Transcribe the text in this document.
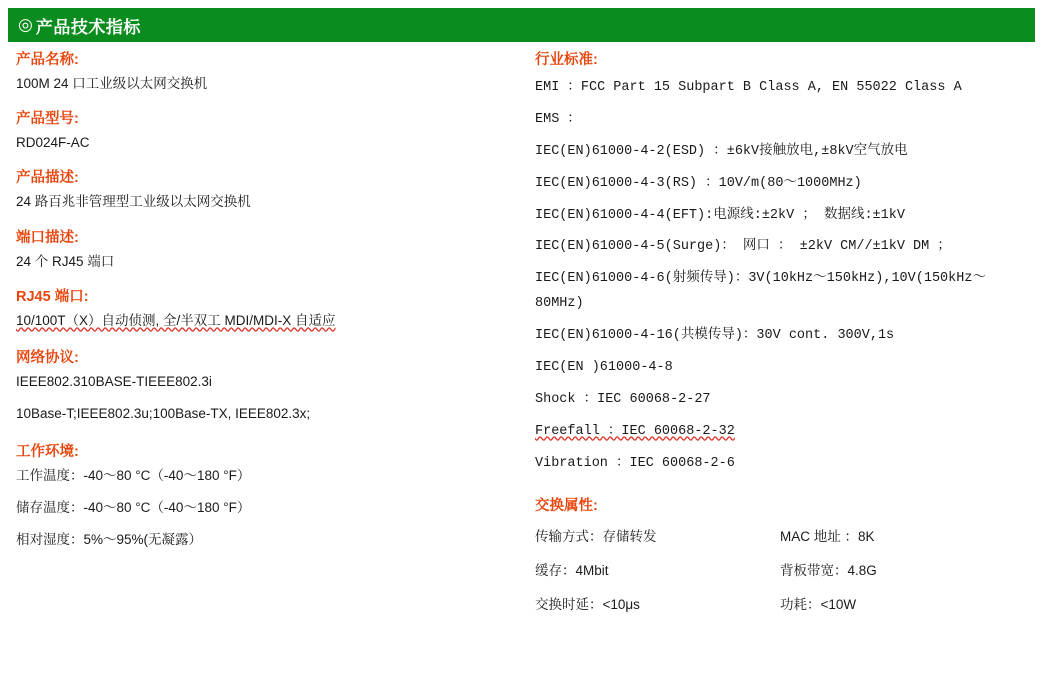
◎ 产品技术指标
产品名称:
100M 24 口工业级以太网交换机
产品型号:
RD024F-AC
产品描述:
24 路百兆非管理型工业级以太网交换机
端口描述:
24 个 RJ45 端口
RJ45 端口:
10/100T（X）自动侦测, 全/半双工 MDI/MDI-X 自适应
网络协议:
IEEE802.310BASE-TIEEE802.3i
10Base-T;IEEE802.3u;100Base-TX, IEEE802.3x;
工作环境:
工作温度：-40～80 °C（-40～180 °F）
储存温度：-40～80 °C（-40～180 °F）
相对湿度：5%～95%(无凝露）
行业标准:
EMI ：FCC Part 15 Subpart B Class A, EN 55022 Class A
EMS ：
IEC(EN)61000-4-2(ESD) ：±6kV接触放电,±8kV空气放电
IEC(EN)61000-4-3(RS) ：10V/m(80～1000MHz)
IEC(EN)61000-4-4(EFT):电源线:±2kV ； 数据线:±1kV
IEC(EN)61000-4-5(Surge)： 网口 ： ±2kV CM//±1kV DM ；
IEC(EN)61000-4-6(射频传导)：3V(10kHz～150kHz),10V(150kHz～
80MHz)
IEC(EN)61000-4-16(共模传导)：30V cont. 300V,1s
IEC(EN )61000-4-8
Shock ：IEC 60068-2-27
Freefall ：IEC 60068-2-32
Vibration ：IEC 60068-2-6
交换属性:
传输方式：存储转发	MAC 地址 ：8K
缓存：4Mbit	背板带宽：4.8G
交换时延：<10μs	功耗：<10W
